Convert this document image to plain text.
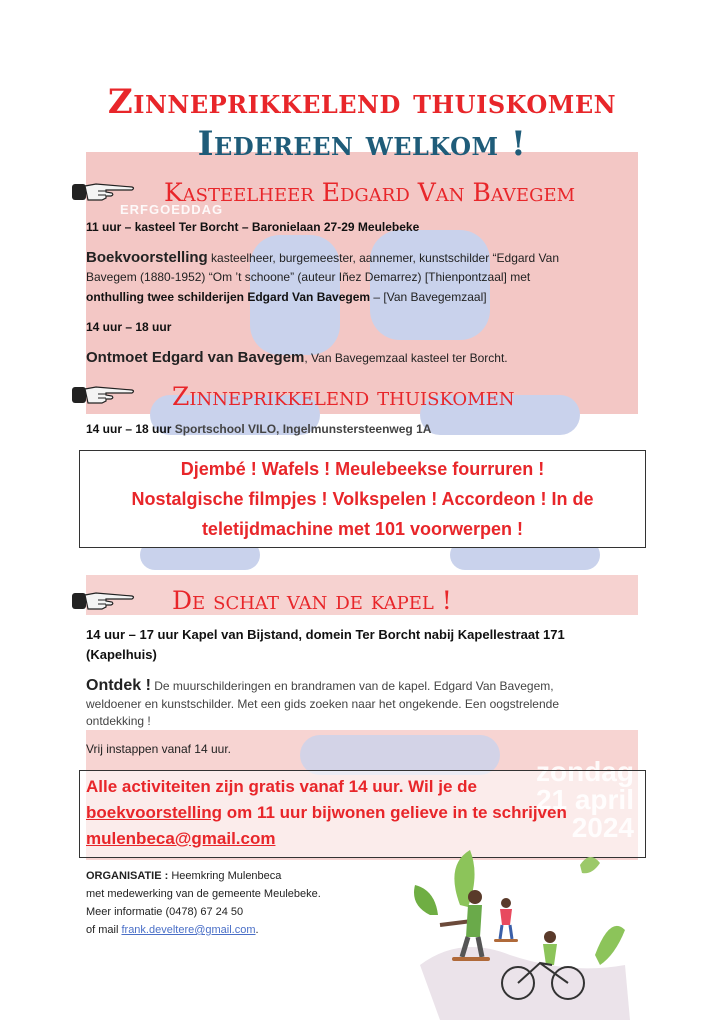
ERFGOEDDAG
Zinneprikkelend thuiskomen
Iedereen welkom !
Kasteelheer Edgard Van Bavegem
11 uur – kasteel Ter Borcht – Baronielaan 27-29 Meulebeke
Boekvoorstelling kasteelheer, burgemeester, aannemer, kunstschilder “Edgard Van
Bavegem (1880-1952) “Om ’t schoone” (auteur Iñez Demarrez) [Thienpontzaal] met
onthulling twee schilderijen Edgard Van Bavegem – [Van Bavegemzaal]
14 uur – 18 uur
Ontmoet Edgard van Bavegem, Van Bavegemzaal kasteel ter Borcht.
Zinneprikkelend thuiskomen
14 uur – 18 uur Sportschool VILO, Ingelmunstersteenweg 1A
Djembé ! Wafels ! Meulebeekse fourruren !
Nostalgische filmpjes ! Volkspelen ! Accordeon ! In de
teletijdmachine met 101 voorwerpen !
De schat van de kapel !
14 uur – 17 uur Kapel van Bijstand, domein Ter Borcht nabij Kapellestraat 171
(Kapelhuis)
Ontdek ! De muurschilderingen en brandramen van de kapel. Edgard Van Bavegem,
weldoener en kunstschilder. Met een gids zoeken naar het ongekende. Een oogstrelende
ontdekking !
Vrij instappen vanaf 14 uur.
Alle activiteiten zijn gratis vanaf 14 uur. Wil je de
boekvoorstelling om 11 uur bijwonen gelieve in te schrijven
mulenbeca@gmail.com
ORGANISATIE : Heemkring Mulenbeca
met medewerking van de gemeente Meulebeke.
Meer informatie (0478) 67 24 50
of mail frank.develtere@gmail.com.
